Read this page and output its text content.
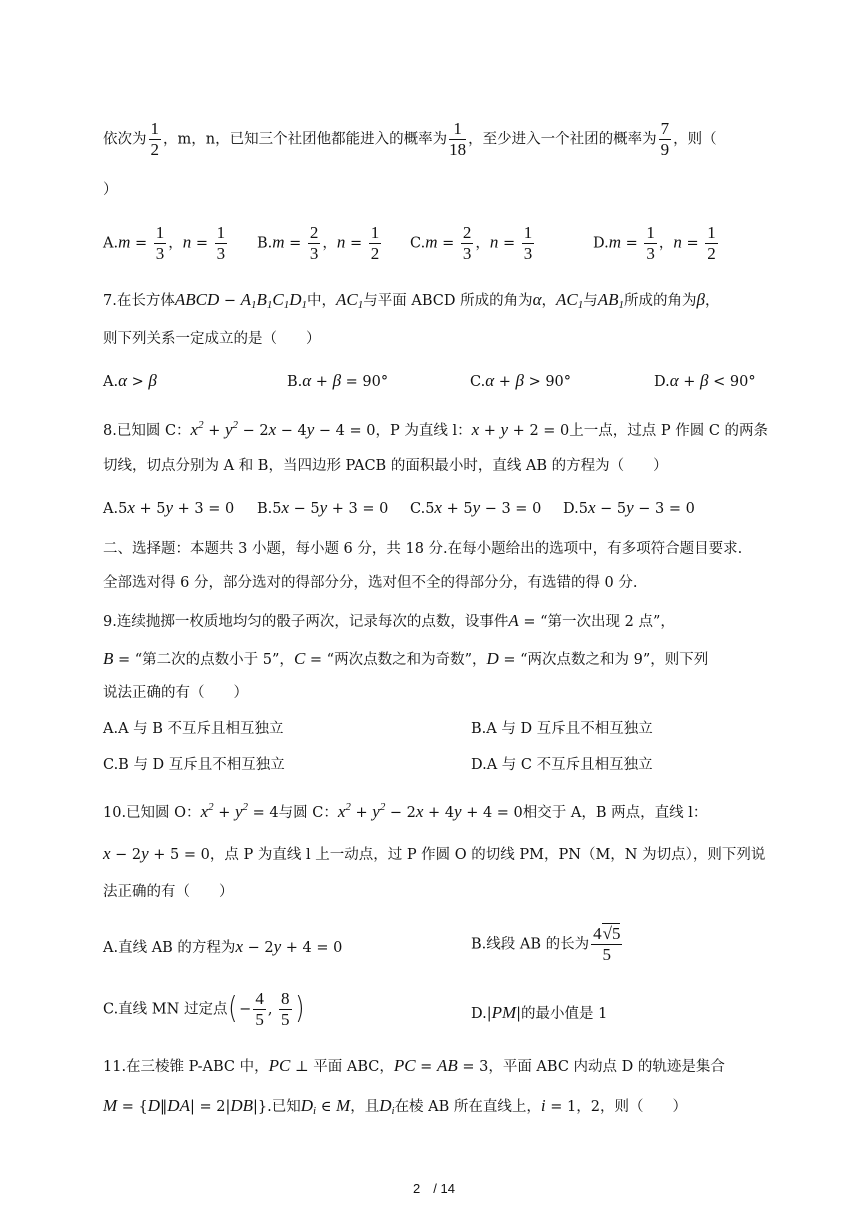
依次为 $\frac{1}{2}$ ，m，n，已知三个社团他都能进入的概率为 $\frac{1}{18}$ ，至少进入一个社团的概率为 $\frac{7}{9}$ ，则（
）
$A.m = \frac{1}{3}$ ，$n = \frac{1}{3} B.m = \frac{2}{3}$ ，$n = \frac{1}{2} C.m = \frac{2}{3}$ ，$n = \frac{1}{3}$	$D.m = \frac{1}{3}$ ，$n = \frac{1}{2}$
7.在长方体ABCD − $A_1B_1C_1D_1$中，$AC_1$与平面 ABCD 所成的角为α，$AC_1$与$AB_1$所成的角为β，
则下列关系一定成立的是（　　）
A.α > β	B.α + β = 90°	C.α + β > 90°	D.α + β < 90°
8.已知圆 C：$x^2 + y^2 - 2x - 4y - 4 = 0$，P 为直线 l：x + y + 2 = 0上一点，过点 P 作圆 C 的两条
切线，切点分别为 A 和 B，当四边形 PACB 的面积最小时，直线 AB 的方程为（　　）
A.5x + 5y + 3 = 0 B.5x − 5y + 3 = 0 C.5x + 5y − 3 = 0 D.5x − 5y − 3 = 0
二、选择题：本题共 3 小题，每小题 6 分，共 18 分.在每小题给出的选项中，有多项符合题目要求.
全部选对得 6 分，部分选对的得部分分，选对但不全的得部分分，有选错的得 0 分.
9.连续抛掷一枚质地均匀的骰子两次，记录每次的点数，设事件A = “第一次出现 2 点”，
B = “第二次的点数小于 5”，C = “两次点数之和为奇数”，D = “两次点数之和为 9”，则下列
说法正确的有（　　）
A.A 与 B 不互斥且相互独立	B.A 与 D 互斥且不相互独立
C.B 与 D 互斥且不相互独立	D.A 与 C 不互斥且相互独立
10.已知圆 O：$x^2 + y^2 = 4$与圆 C：$x^2 + y^2 - 2x + 4y + 4 = 0$相交于 A，B 两点，直线 l：
x − 2y + 5 = 0，点 P 为直线 l 上一动点，过 P 作圆 O 的切线 PM，PN（M，N 为切点），则下列说
法正确的有（　　）
A.直线 AB 的方程为x − 2y + 4 = 0	B.线段 AB 的长为 $\frac{4√5}{5}$
C.直线 MN 过定点(− $\frac{4}{5}$ , $\frac{8}{5}$ )	D.|PM|的最小值是 1
11.在三棱锥 P-ABC 中，PC ⊥ 平面 ABC，PC = AB = 3，平面 ABC 内动点 D 的轨迹是集合
M = {D‖DA| = 2|DB|}.已知$D_i$ ∈ M，且$D_i$在棱 AB 所在直线上，i = 1，2，则（　　）
2　/ 14
